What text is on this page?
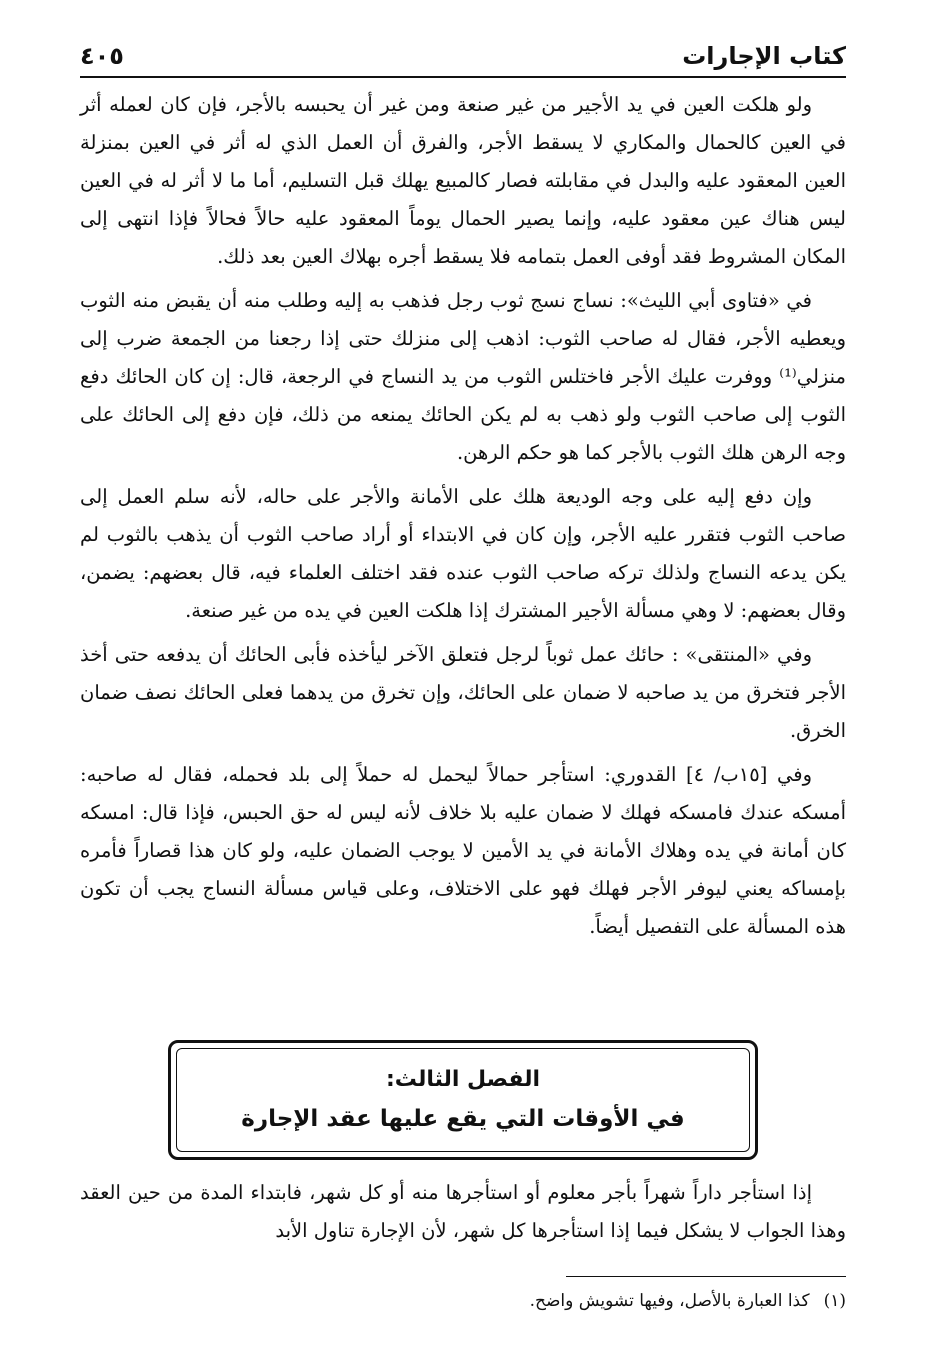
كتاب الإجارات
٤٠٥

ولو هلكت العين في يد الأجير من غير صنعة ومن غير أن يحبسه بالأجر، فإن كان لعمله أثر في العين كالحمال والمكاري لا يسقط الأجر، والفرق أن العمل الذي له أثر في العين بمنزلة العين المعقود عليه والبدل في مقابلته فصار كالمبيع يهلك قبل التسليم، أما ما لا أثر له في العين ليس هناك عين معقود عليه، وإنما يصير الحمال يوماً المعقود عليه حالاً فحالاً فإذا انتهى إلى المكان المشروط فقد أوفى العمل بتمامه فلا يسقط أجره بهلاك العين بعد ذلك.

في «فتاوى أبي الليث»: نساج نسج ثوب رجل فذهب به إليه وطلب منه أن يقبض منه الثوب ويعطيه الأجر، فقال له صاحب الثوب: اذهب إلى منزلك حتى إذا رجعنا من الجمعة ضرب إلى منزلي⁽¹⁾ ووفرت عليك الأجر فاختلس الثوب من يد النساج في الرجعة، قال: إن كان الحائك دفع الثوب إلى صاحب الثوب ولو ذهب به لم يكن الحائك يمنعه من ذلك، فإن دفع إلى الحائك على وجه الرهن هلك الثوب بالأجر كما هو حكم الرهن.

وإن دفع إليه على وجه الوديعة هلك على الأمانة والأجر على حاله، لأنه سلم العمل إلى صاحب الثوب فتقرر عليه الأجر، وإن كان في الابتداء أو أراد صاحب الثوب أن يذهب بالثوب لم يكن يدعه النساج ولذلك تركه صاحب الثوب عنده فقد اختلف العلماء فيه، قال بعضهم: يضمن، وقال بعضهم: لا وهي مسألة الأجير المشترك إذا هلكت العين في يده من غير صنعة.

وفي «المنتقى» : حائك عمل ثوباً لرجل فتعلق الآخر ليأخذه فأبى الحائك أن يدفعه حتى أخذ الأجر فتخرق من يد صاحبه لا ضمان على الحائك، وإن تخرق من يدهما فعلى الحائك نصف ضمان الخرق.

وفي [١٥ب/ ٤] القدوري: استأجر حمالاً ليحمل له حملاً إلى بلد فحمله، فقال له صاحبه: أمسكه عندك فامسكه فهلك لا ضمان عليه بلا خلاف لأنه ليس له حق الحبس، فإذا قال: امسكه كان أمانة في يده وهلاك الأمانة في يد الأمين لا يوجب الضمان عليه، ولو كان هذا قصاراً فأمره بإمساكه يعني ليوفر الأجر فهلك فهو على الاختلاف، وعلى قياس مسألة النساج يجب أن تكون هذه المسألة على التفصيل أيضاً.

الفصل الثالث:
في الأوقات التي يقع عليها عقد الإجارة

إذا استأجر داراً شهراً بأجر معلوم أو استأجرها منه أو كل شهر، فابتداء المدة من حين العقد وهذا الجواب لا يشكل فيما إذا استأجرها كل شهر، لأن الإجارة تناول الأبد

(١)كذا العبارة بالأصل، وفيها تشويش واضح.
